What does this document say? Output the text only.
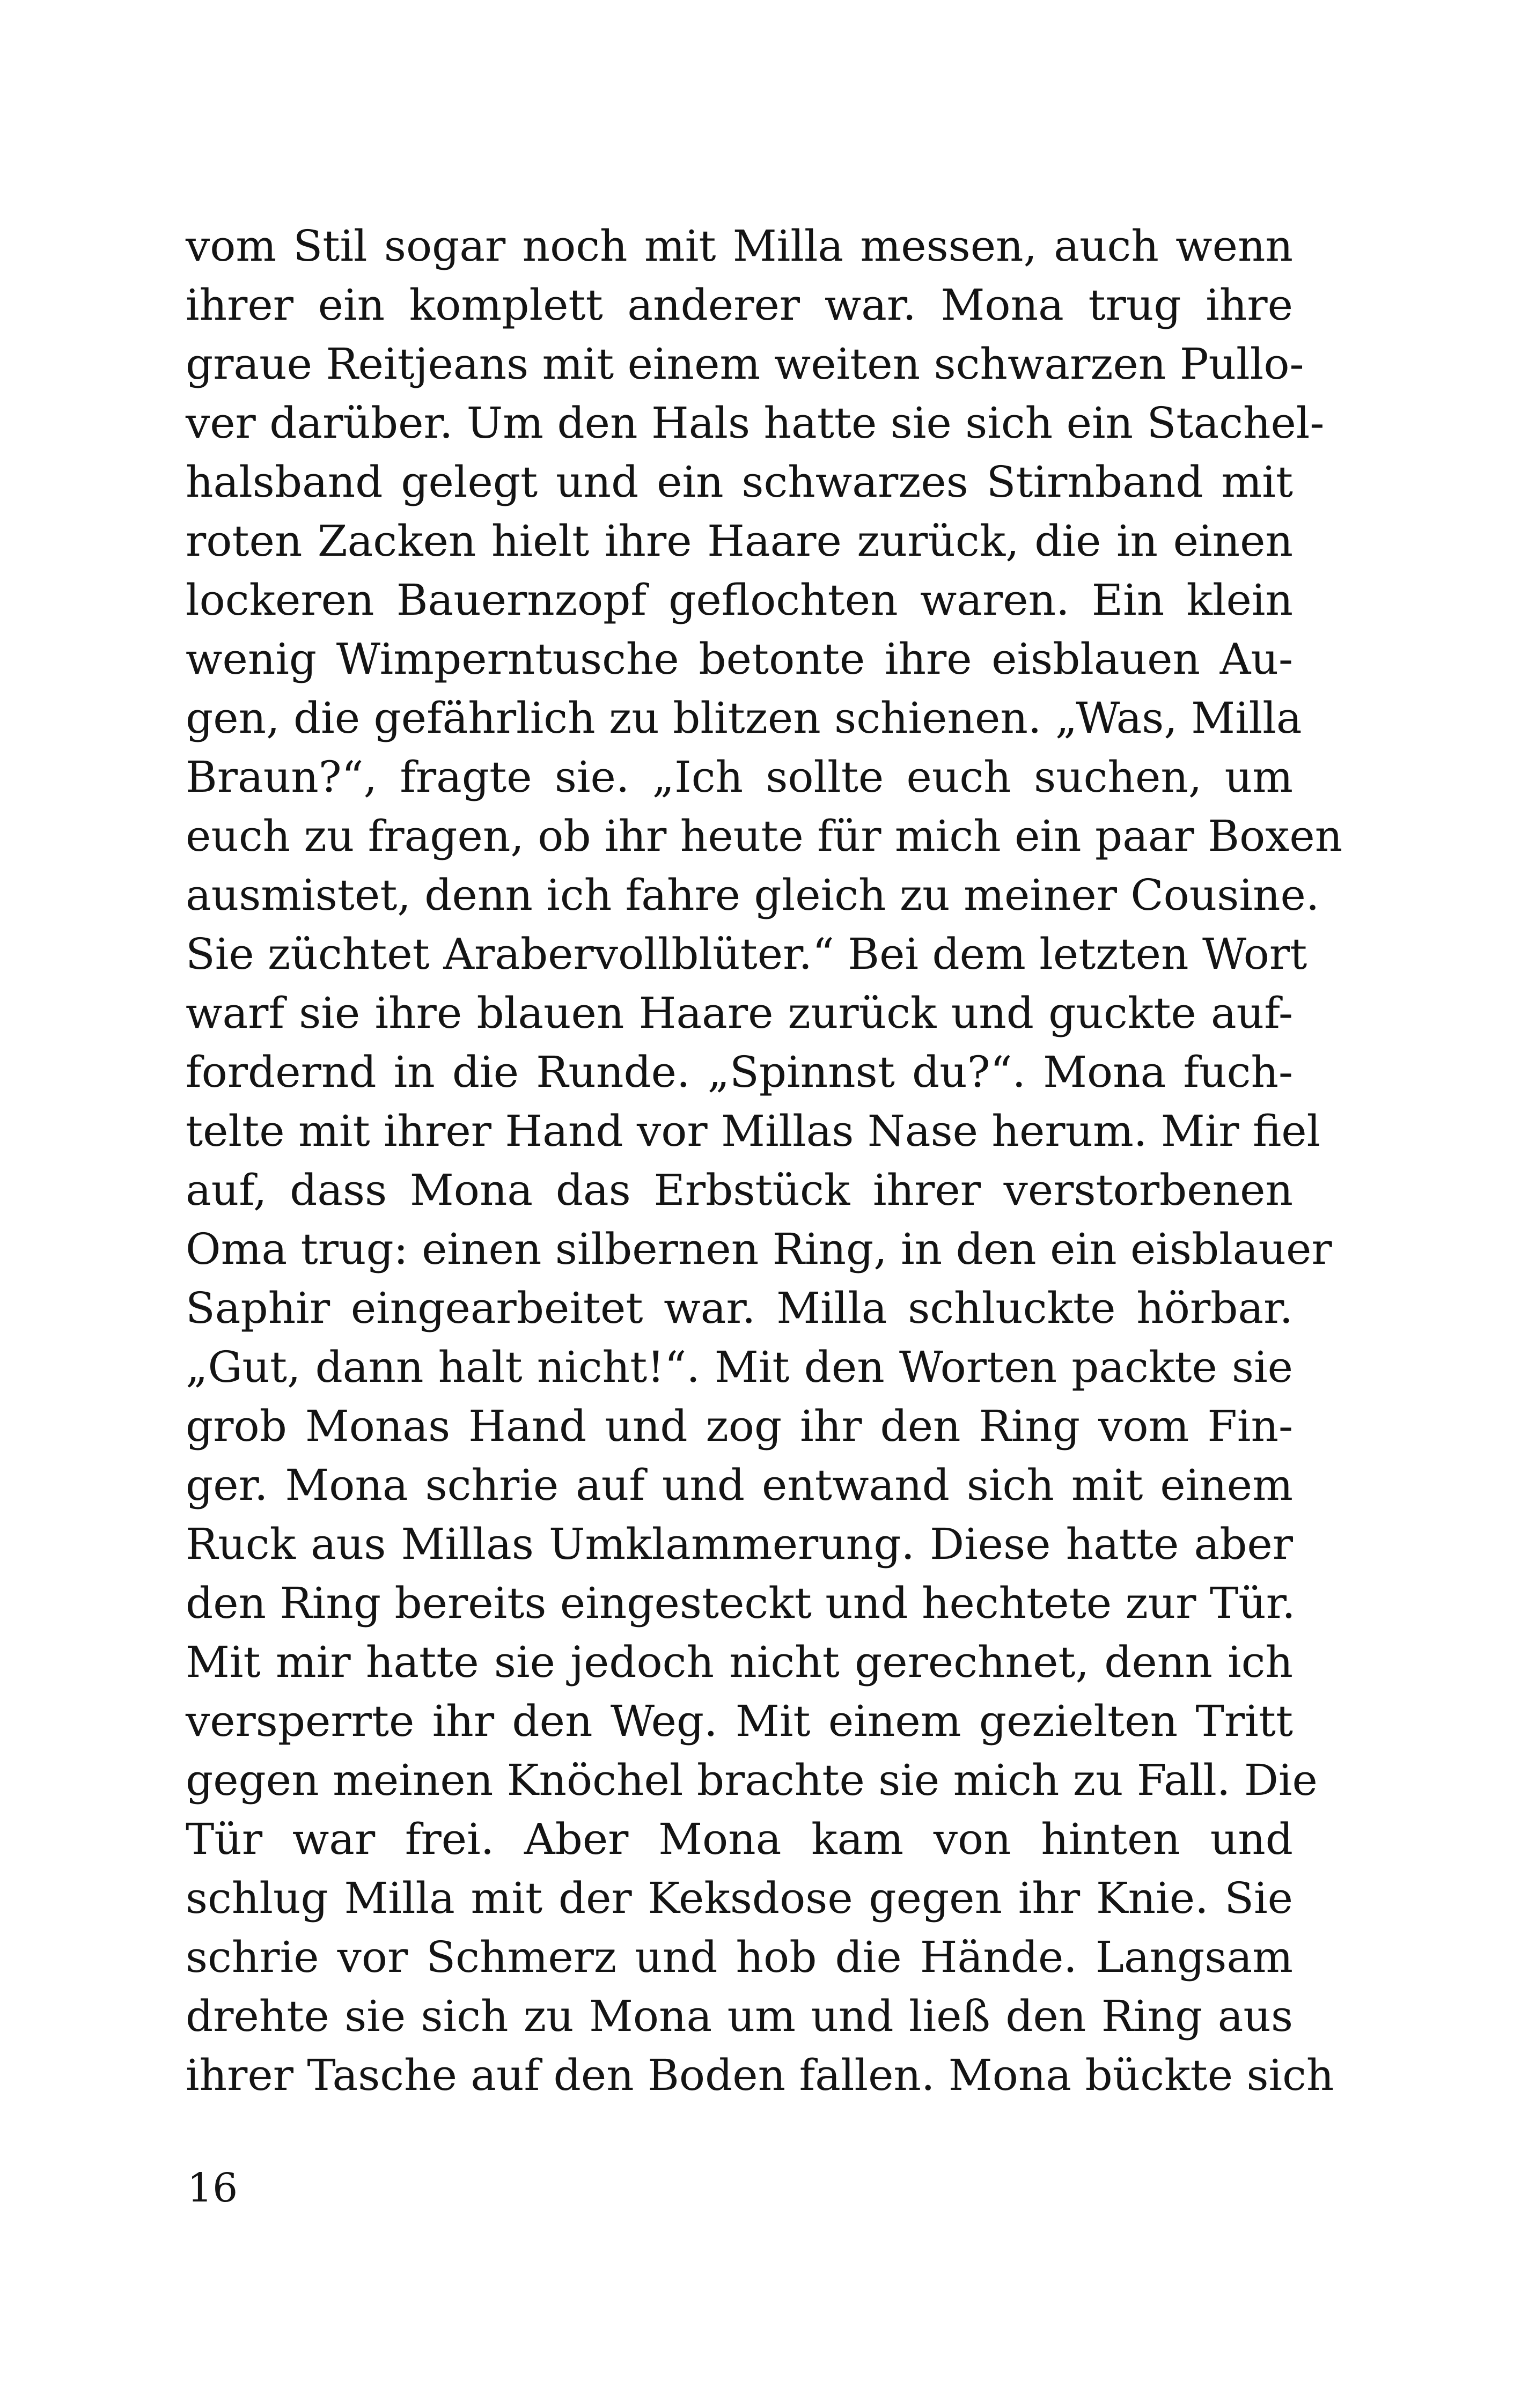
vom Stil sogar noch mit Milla messen, auch wenn
ihrer ein komplett anderer war. Mona trug ihre
graue Reitjeans mit einem weiten schwarzen Pullo-
ver darüber. Um den Hals hatte sie sich ein Stachel-
halsband gelegt und ein schwarzes Stirnband mit
roten Zacken hielt ihre Haare zurück, die in einen
lockeren Bauernzopf geflochten waren. Ein klein
wenig Wimperntusche betonte ihre eisblauen Au-
gen, die gefährlich zu blitzen schienen. „Was, Milla
Braun?“, fragte sie. „Ich sollte euch suchen, um
euch zu fragen, ob ihr heute für mich ein paar Boxen
ausmistet, denn ich fahre gleich zu meiner Cousine.
Sie züchtet Arabervollblüter.“ Bei dem letzten Wort
warf sie ihre blauen Haare zurück und guckte auf-
fordernd in die Runde. „Spinnst du?“. Mona fuch-
telte mit ihrer Hand vor Millas Nase herum. Mir fiel
auf, dass Mona das Erbstück ihrer verstorbenen
Oma trug: einen silbernen Ring, in den ein eisblauer
Saphir eingearbeitet war. Milla schluckte hörbar.
„Gut, dann halt nicht!“. Mit den Worten packte sie
grob Monas Hand und zog ihr den Ring vom Fin-
ger. Mona schrie auf und entwand sich mit einem
Ruck aus Millas Umklammerung. Diese hatte aber
den Ring bereits eingesteckt und hechtete zur Tür.
Mit mir hatte sie jedoch nicht gerechnet, denn ich
versperrte ihr den Weg. Mit einem gezielten Tritt
gegen meinen Knöchel brachte sie mich zu Fall. Die
Tür war frei. Aber Mona kam von hinten und
schlug Milla mit der Keksdose gegen ihr Knie. Sie
schrie vor Schmerz und hob die Hände. Langsam
drehte sie sich zu Mona um und ließ den Ring aus
ihrer Tasche auf den Boden fallen. Mona bückte sich
16
